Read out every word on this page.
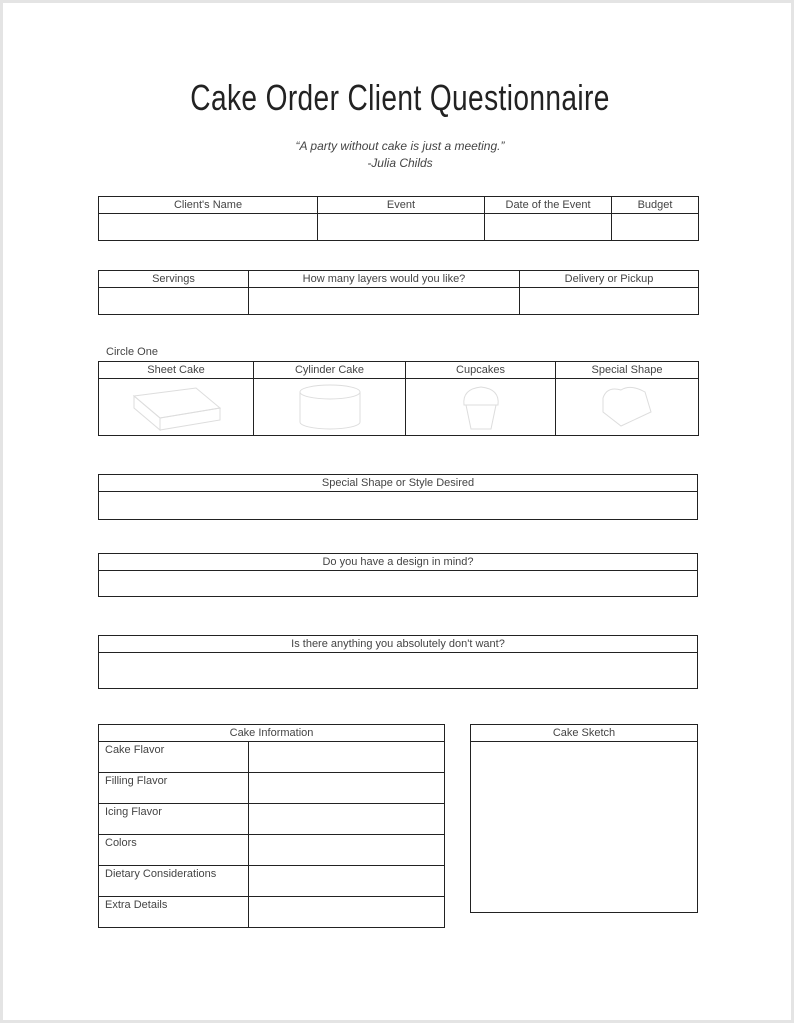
Cake Order Client Questionnaire
“A party without cake is just a meeting.”
-Julia Childs
Client's Name	Event	Date of the Event	Budget

Servings	How many layers would you like?	Delivery or Pickup

Circle One
Sheet Cake	Cylinder Cake	Cupcakes	Special Shape

Special Shape or Style Desired

Do you have a design in mind?

Is there anything you absolutely don't want?

Cake Information	
Cake Flavor	
Filling Flavor	
Icing Flavor	
Colors	
Dietary Considerations	
Extra Details	
Cake Sketch
